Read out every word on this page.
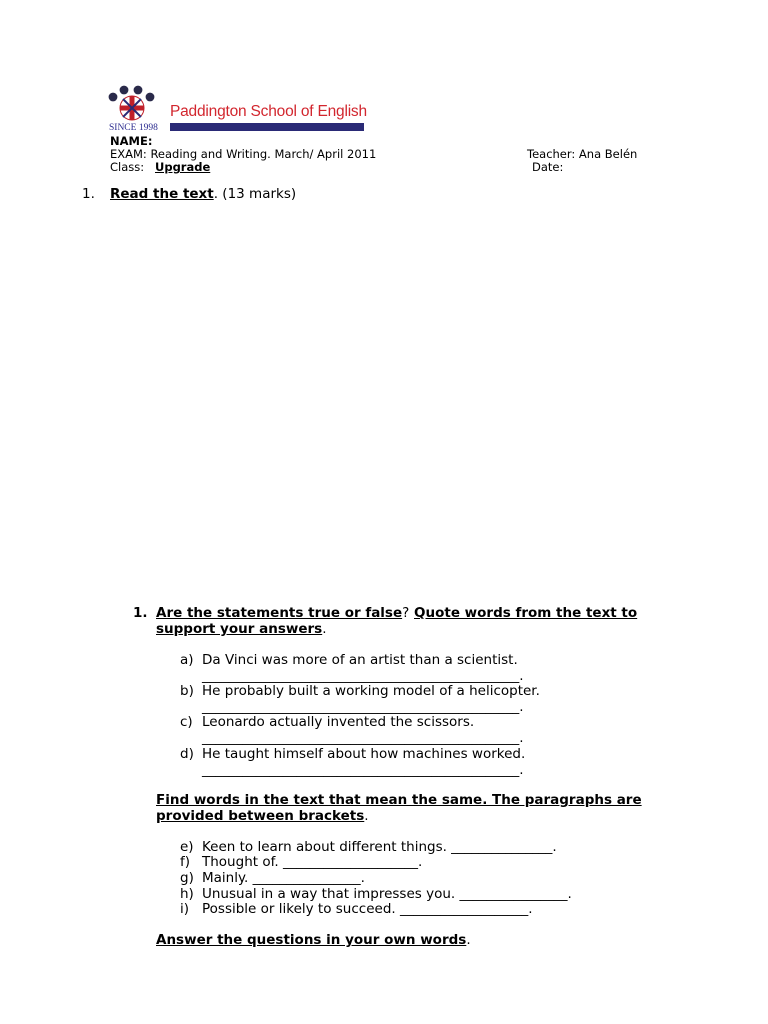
Paddington School of English
SINCE 1998
NAME:
EXAM: Reading and Writing. March/ April 2011
Class: Upgrade
Teacher: Ana Belén
Date:
1. Read the text. (13 marks)
1. Are the statements true or false? Quote words from the text to
support your answers.
a) Da Vinci was more of an artist than a scientist.
_______________________________________________.
b) He probably built a working model of a helicopter.
_______________________________________________.
c) Leonardo actually invented the scissors.
_______________________________________________.
d) He taught himself about how machines worked.
_______________________________________________.
Find words in the text that mean the same. The paragraphs are
provided between brackets.
e) Keen to learn about different things. _______________.
f) Thought of. ____________________.
g) Mainly. ________________.
h) Unusual in a way that impresses you. ________________.
i) Possible or likely to succeed. ___________________.
Answer the questions in your own words.
